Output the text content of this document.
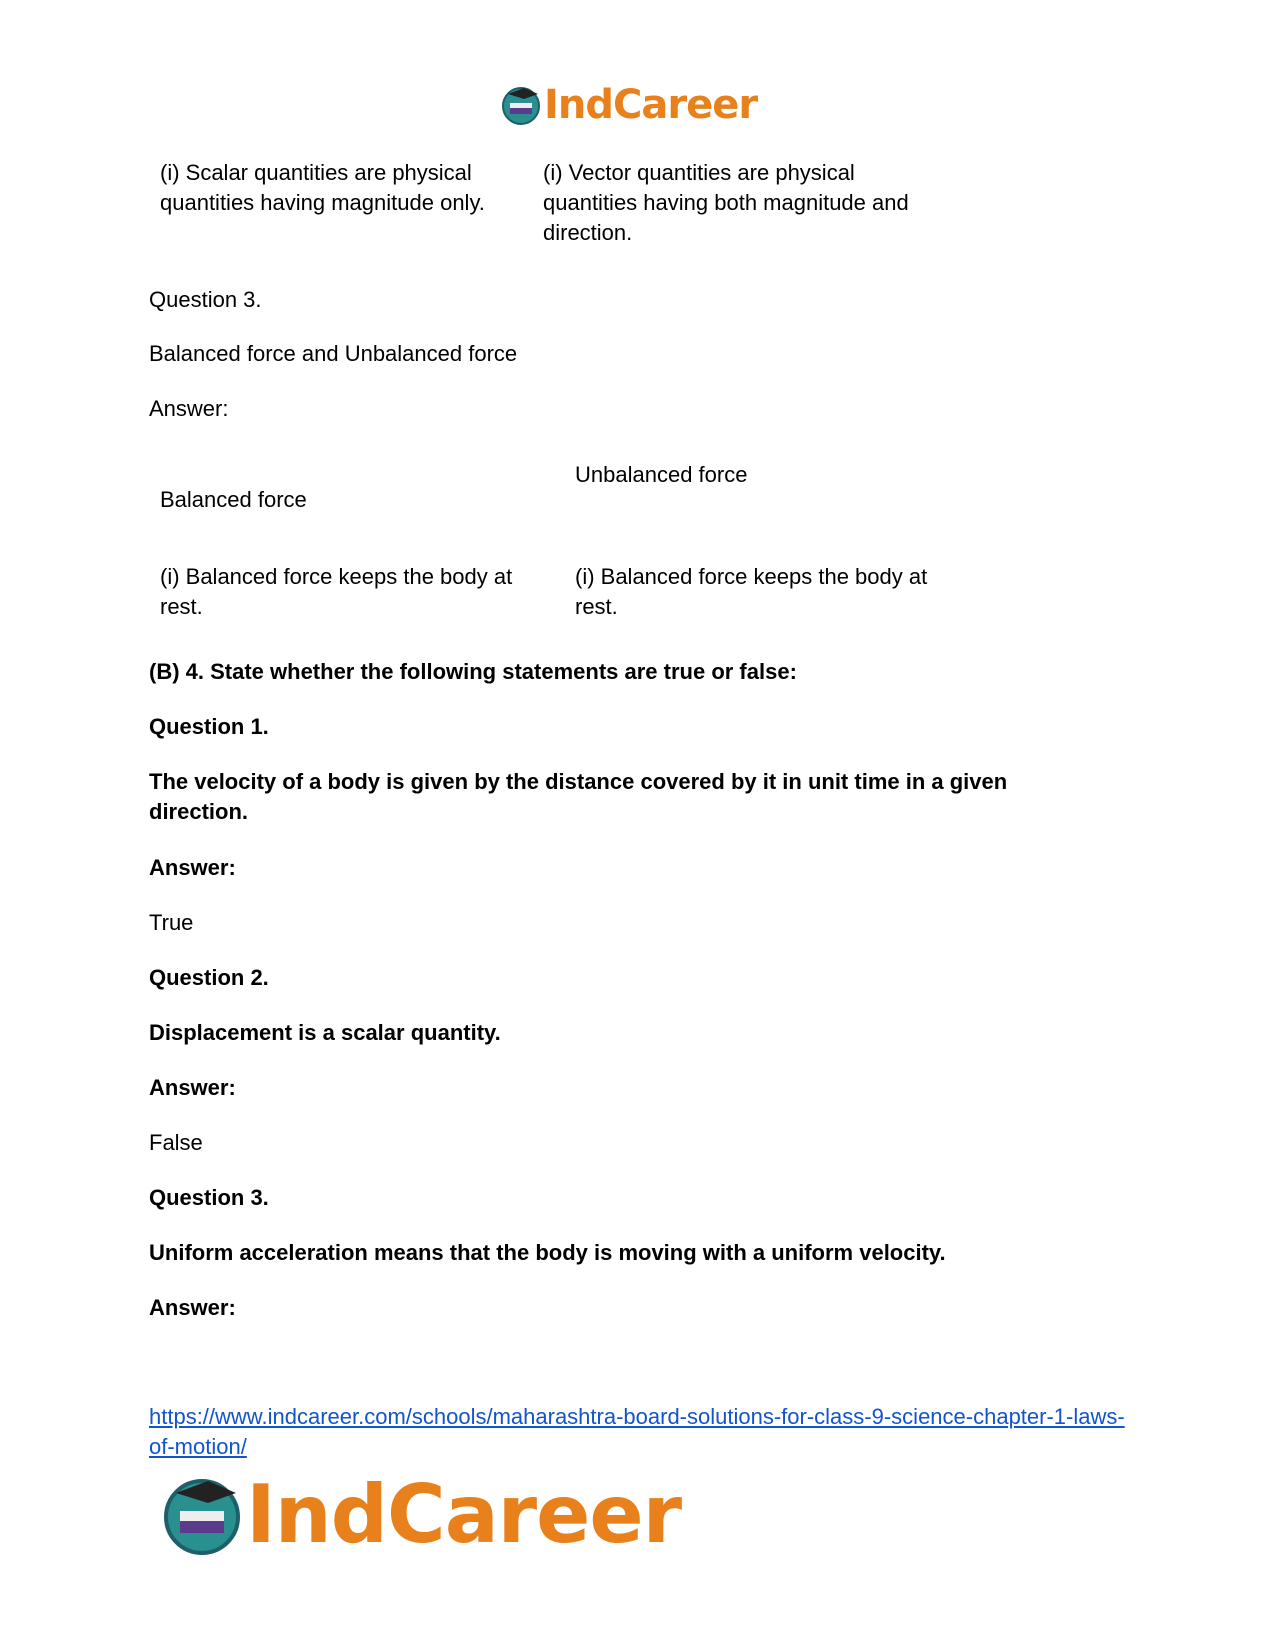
IndCareer
(i) Scalar quantities are physical quantities having magnitude only.
(i) Vector quantities are physical quantities having both magnitude and direction.
Question 3.
Balanced force and Unbalanced force
Answer:
Balanced force
Unbalanced force
(i) Balanced force keeps the body at rest.
(i) Balanced force keeps the body at rest.
(B) 4. State whether the following statements are true or false:
Question 1.
The velocity of a body is given by the distance covered by it in unit time in a given direction.
Answer:
True
Question 2.
Displacement is a scalar quantity.
Answer:
False
Question 3.
Uniform acceleration means that the body is moving with a uniform velocity.
Answer:
https://www.indcareer.com/schools/maharashtra-board-solutions-for-class-9-science-chapter-1-laws-of-motion/
IndCareer
